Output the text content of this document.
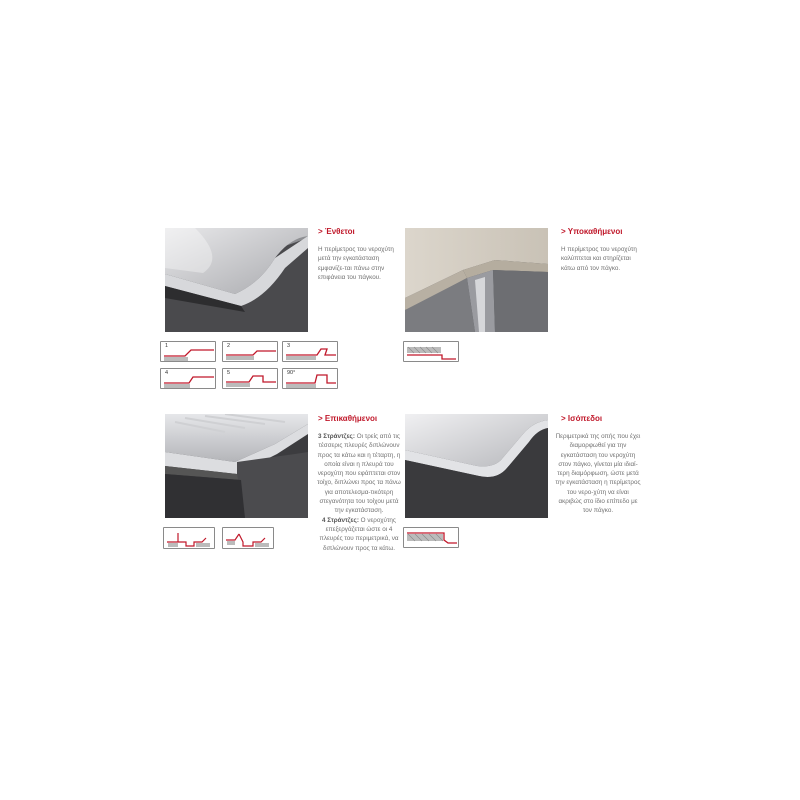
> Ένθετοι
Η περίμετρος του νεροχύτη μετά την εγκατάσταση εμφανίζε-ται πάνω στην επιφάνεια του πάγκου.
1	2	3
4	5	90°
> Υποκαθήμενοι
Η περίμετρος του νεροχύτη καλύπτεται και στηρίζεται κάτω από τον πάγκο.
> Επικαθήμενοι
3 Στράντζες: Οι τρείς από τις τέσσερις πλευρές διπλώνουν προς τα κάτω και η τέταρτη, η οποία είναι η πλευρά του νεροχύτη που εφάπτεται στον τοίχο, διπλώνει προς τα πάνω για αποτελεσμα-τικότερη στεγανότητα του τοίχου μετά την εγκατάσταση.
4 Στράντζες: Ο νεροχύτης επεξεργάζεται ώστε οι 4 πλευρές του περιμετρικά, να διπλώνουν προς τα κάτω.
> Ισόπεδοι
Περιμετρικά της οπής που έχει διαμορφωθεί για την εγκατάσταση του νεροχύτη στον πάγκο, γίνεται μία ιδιαί-τερη διαμόρφωση, ώστε μετά την εγκατάσταση η περίμετρος του νερο-χύτη να είναι ακριβώς στο ίδιο επίπεδο με τον πάγκο.
